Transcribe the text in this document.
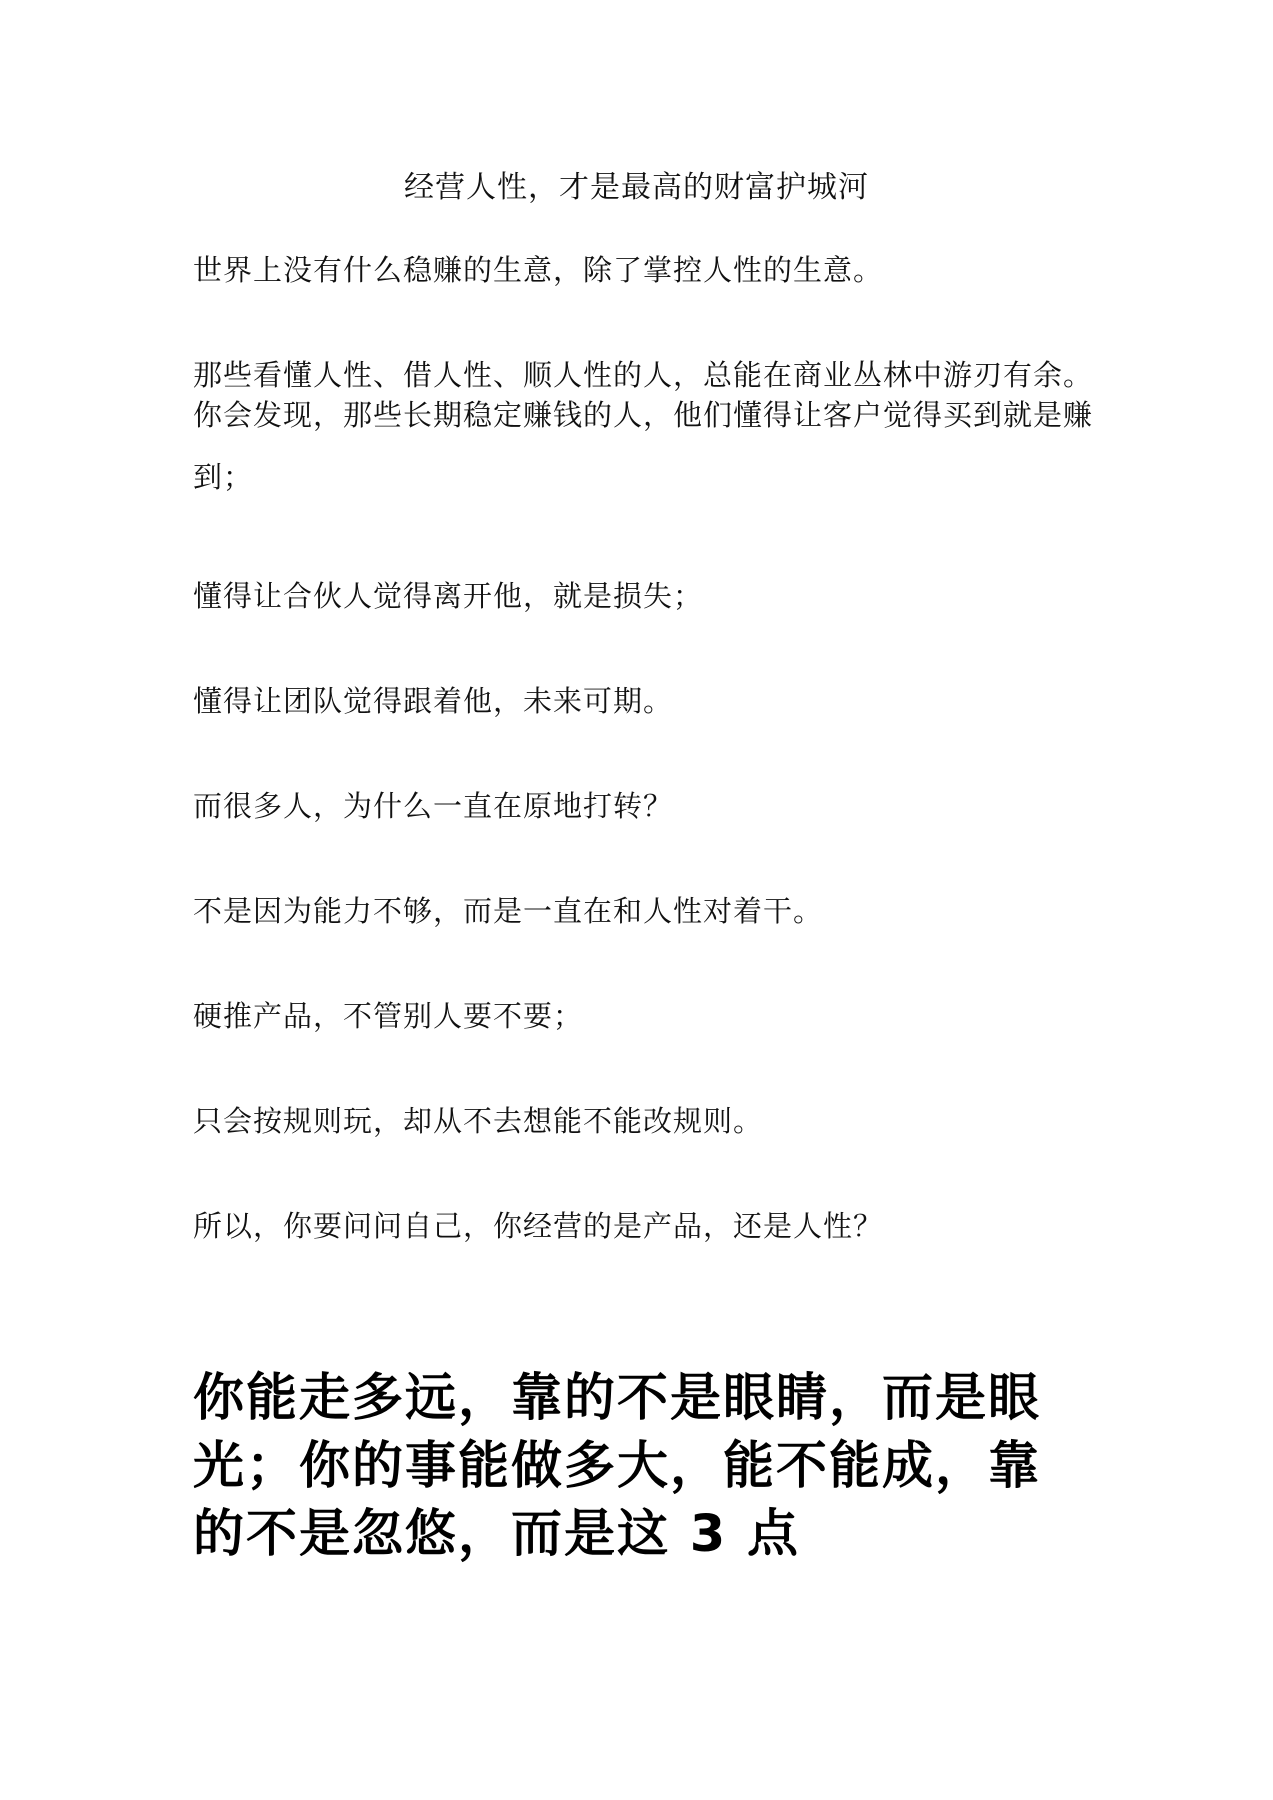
经营人性，才是最高的财富护城河
世界上没有什么稳赚的生意，除了掌控人性的生意。
那些看懂人性、借人性、顺人性的人，总能在商业丛林中游刃有余。
你会发现，那些长期稳定赚钱的人，他们懂得让客户觉得买到就是赚到；
懂得让合伙人觉得离开他，就是损失；
懂得让团队觉得跟着他，未来可期。
而很多人，为什么一直在原地打转？
不是因为能力不够，而是一直在和人性对着干。
硬推产品，不管别人要不要；
只会按规则玩，却从不去想能不能改规则。
所以，你要问问自己，你经营的是产品，还是人性？
你能走多远，靠的不是眼睛，而是眼光；你的事能做多大，能不能成，靠的不是忽悠，而是这 3 点
